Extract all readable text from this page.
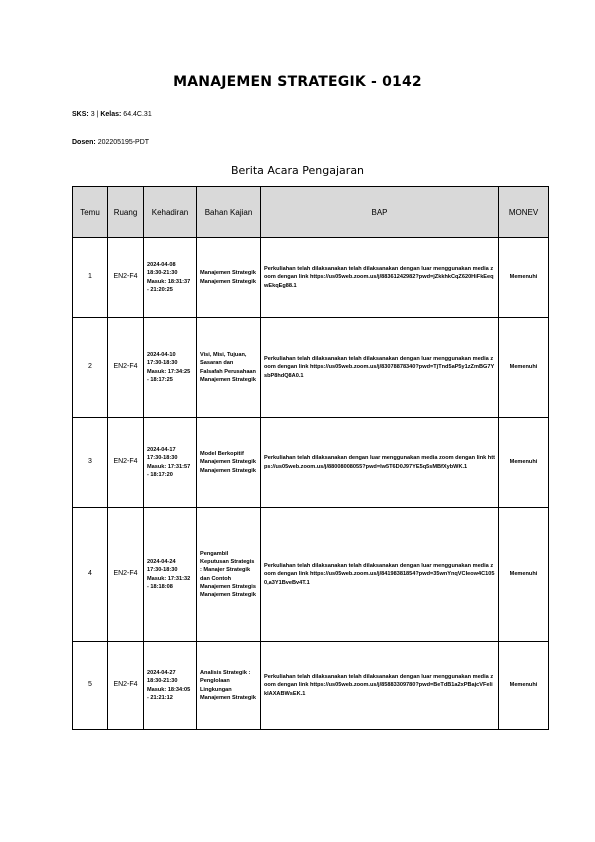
MANAJEMEN STRATEGIK - 0142
SKS: 3 | Kelas: 64.4C.31
Dosen: 202205195-PDT
Berita Acara Pengajaran
Temu	Ruang	Kehadiran	Bahan Kajian	BAP	MONEV
1	EN2-F4	2024-04-08 18:30-21:30 Masuk: 18:31:37 - 21:20:25	Manajemen Strategik Manajemen Strategik	Perkuliahan telah dilaksanakan telah dilaksanakan dengan luar menggunakan media zoom dengan link https://us05web.zoom.us/j/88361242982?pwd=jZkkhkCqZ620HiFkEeqwEkqEg88.1	Memenuhi
2	EN2-F4	2024-04-10 17:30-18:30 Masuk: 17:34:25 - 18:17:25	Visi, Misi, Tujuan, Sasaran dan Falsafah Perusahaan Manajemen Strategik	Perkuliahan telah dilaksanakan telah dilaksanakan dengan luar menggunakan media zoom dengan link https://us05web.zoom.us/j/83078878340?pwd=TjTnd5aP5y1zZmBG7YsbP8hdQ8A0.1	Memenuhi
3	EN2-F4	2024-04-17 17:30-18:30 Masuk: 17:31:57 - 18:17:20	Model Berkopitif Manajemen Strategik Manajemen Strategik	Perkuliahan telah dilaksanakan dengan luar menggunakan media zoom dengan link https://us05web.zoom.us/j/88008008055?pwd=Iw5T6D0J97YE5q5sMBfXybWK.1	Memenuhi
4	EN2-F4	2024-04-24 17:30-18:30 Masuk: 17:31:32 - 18:18:08	Pengambil Keputusan Strategis : Manajer Strategik dan Contoh Manajemen Strategis Manajemen Strategik	Perkuliahan telah dilaksanakan telah dilaksanakan dengan luar menggunakan media zoom dengan link https://us05web.zoom.us/j/84198381854?pwd=35wnYnqVCIeow4C1050,a3Y1BveBv4T.1	Memenuhi
5	EN2-F4	2024-04-27 18:30-21:30 Masuk: 18:34:05 - 21:21:12	Analisis Strategik : Penglolaan Lingkungan Manajemen Strategik	Perkuliahan telah dilaksanakan telah dilaksanakan dengan luar menggunakan media zoom dengan link https://us05web.zoom.us/j/85883309780?pwd=BeTdB1a2xPBajcVFelikIAXABWsEK.1	Memenuhi
